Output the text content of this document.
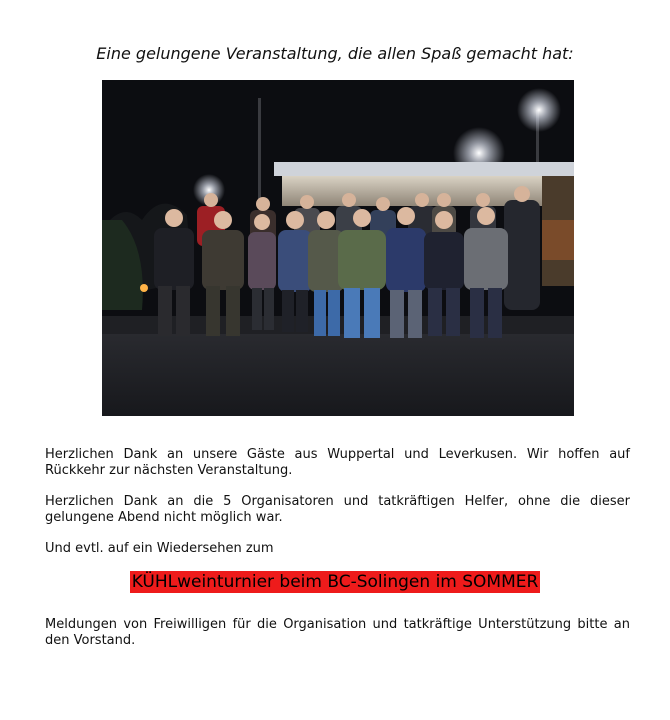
Eine gelungene Veranstaltung, die allen Spaß gemacht hat:
Herzlichen Dank an unsere Gäste aus Wuppertal und Leverkusen. Wir hoffen auf Rückkehr zur nächsten Veranstaltung.
Herzlichen Dank an die 5 Organisatoren und tatkräftigen Helfer, ohne die dieser gelungene Abend nicht möglich war.
Und evtl. auf ein Wiedersehen zum
KÜHLweinturnier beim BC-Solingen im SOMMER
Meldungen von Freiwilligen für die Organisation und tatkräftige Unterstützung bitte an den Vorstand.
